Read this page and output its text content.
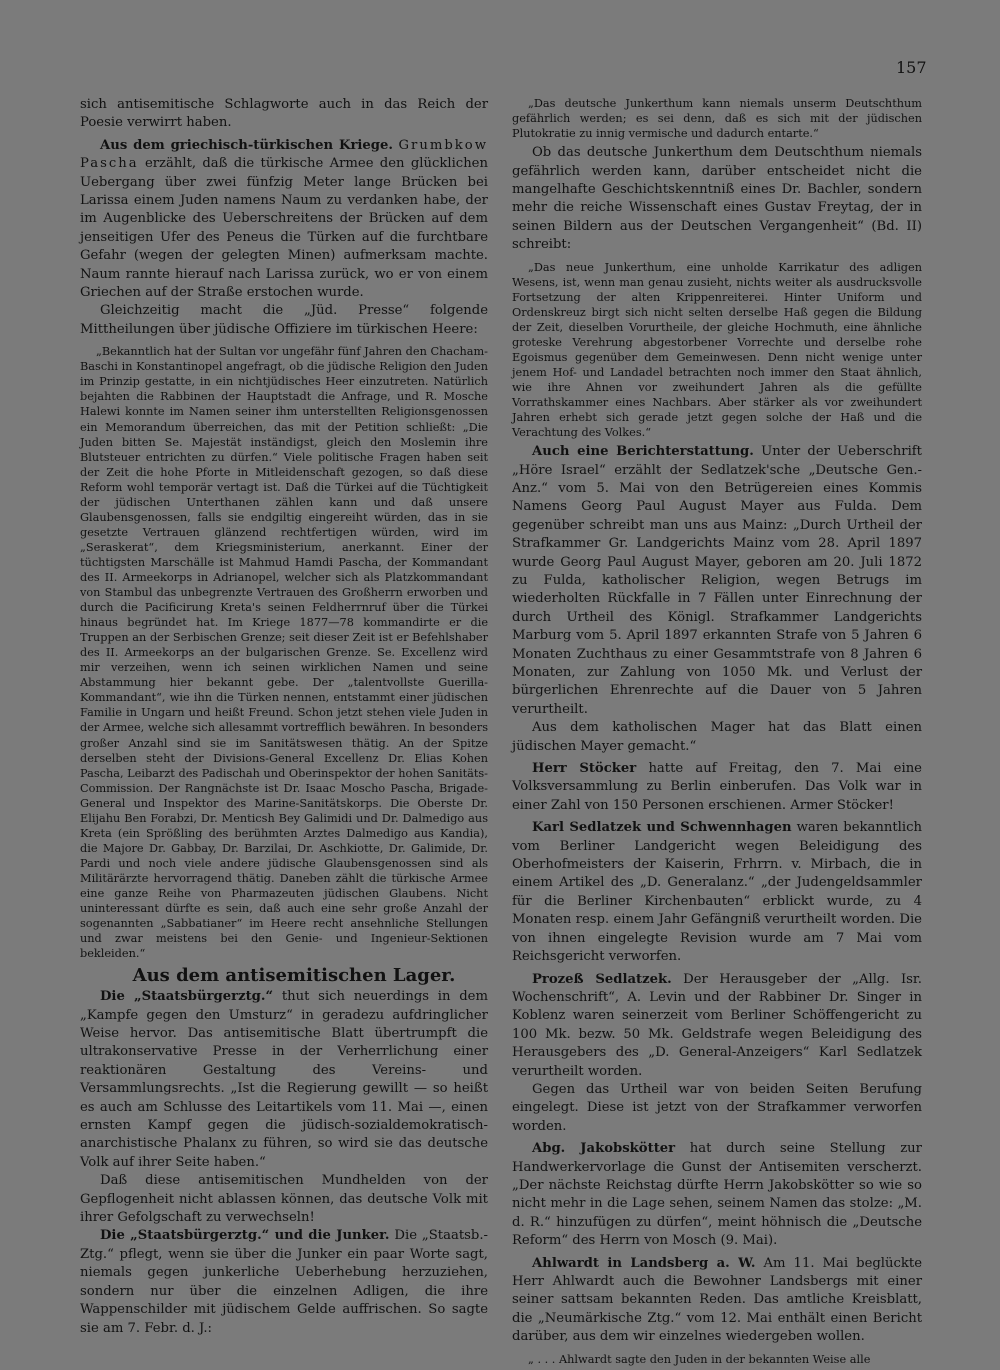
157

sich antisemitische Schlagworte auch in das Reich der Poesie verwirrt haben.

Aus dem griechisch-türkischen Kriege. Grumbkow Pascha erzählt, daß die türkische Armee den glücklichen Uebergang über zwei fünfzig Meter lange Brücken bei Larissa einem Juden namens Naum zu verdanken habe, der im Augenblicke des Ueberschreitens der Brücken auf dem jenseitigen Ufer des Peneus die Türken auf die furchtbare Gefahr (wegen der gelegten Minen) aufmerksam machte. Naum rannte hierauf nach Larissa zurück, wo er von einem Griechen auf der Straße erstochen wurde.

Gleichzeitig macht die „Jüd. Presse“ folgende Mittheilungen über jüdische Offiziere im türkischen Heere:

„Bekanntlich hat der Sultan vor ungefähr fünf Jahren den Chacham-Baschi in Konstantinopel angefragt, ob die jüdische Religion den Juden im Prinzip gestatte, in ein nichtjüdisches Heer einzutreten. Natürlich bejahten die Rabbinen der Hauptstadt die Anfrage, und R. Mosche Halewi konnte im Namen seiner ihm unterstellten Religionsgenossen ein Memorandum überreichen, das mit der Petition schließt: „Die Juden bitten Se. Majestät inständigst, gleich den Moslemin ihre Blutsteuer entrichten zu dürfen.“ Viele politische Fragen haben seit der Zeit die hohe Pforte in Mitleidenschaft gezogen, so daß diese Reform wohl temporär vertagt ist. Daß die Türkei auf die Tüchtigkeit der jüdischen Unterthanen zählen kann und daß unsere Glaubensgenossen, falls sie endgiltig eingereiht würden, das in sie gesetzte Vertrauen glänzend rechtfertigen würden, wird im „Seraskerat“, dem Kriegsministerium, anerkannt. Einer der tüchtigsten Marschälle ist Mahmud Hamdi Pascha, der Kommandant des II. Armeekorps in Adrianopel, welcher sich als Platzkommandant von Stambul das unbegrenzte Vertrauen des Großherrn erworben und durch die Pacificirung Kreta's seinen Feldherrnruf über die Türkei hinaus begründet hat. Im Kriege 1877—78 kommandirte er die Truppen an der Serbischen Grenze; seit dieser Zeit ist er Befehlshaber des II. Armeekorps an der bulgarischen Grenze. Se. Excellenz wird mir verzeihen, wenn ich seinen wirklichen Namen und seine Abstammung hier bekannt gebe. Der „talentvollste Guerilla-Kommandant“, wie ihn die Türken nennen, entstammt einer jüdischen Familie in Ungarn und heißt Freund. Schon jetzt stehen viele Juden in der Armee, welche sich allesammt vortrefflich bewähren. In besonders großer Anzahl sind sie im Sanitätswesen thätig. An der Spitze derselben steht der Divisions-General Excellenz Dr. Elias Kohen Pascha, Leibarzt des Padischah und Oberinspektor der hohen Sanitäts-Commission. Der Rangnächste ist Dr. Isaac Moscho Pascha, Brigade-General und Inspektor des Marine-Sanitätskorps. Die Oberste Dr. Elijahu Ben Forabzi, Dr. Menticsh Bey Galimidi und Dr. Dalmedigo aus Kreta (ein Sprößling des berühmten Arztes Dalmedigo aus Kandia), die Majore Dr. Gabbay, Dr. Barzilai, Dr. Aschkiotte, Dr. Galimide, Dr. Pardi und noch viele andere jüdische Glaubensgenossen sind als Militärärzte hervorragend thätig. Daneben zählt die türkische Armee eine ganze Reihe von Pharmazeuten jüdischen Glaubens. Nicht uninteressant dürfte es sein, daß auch eine sehr große Anzahl der sogenannten „Sabbatianer“ im Heere recht ansehnliche Stellungen und zwar meistens bei den Genie- und Ingenieur-Sektionen bekleiden.“

Aus dem antisemitischen Lager.

Die „Staatsbürgerztg.“ thut sich neuerdings in dem „Kampfe gegen den Umsturz“ in geradezu aufdringlicher Weise hervor. Das antisemitische Blatt übertrumpft die ultrakonservative Presse in der Verherrlichung einer reaktionären Gestaltung des Vereins- und Versammlungsrechts. „Ist die Regierung gewillt — so heißt es auch am Schlusse des Leitartikels vom 11. Mai —, einen ernsten Kampf gegen die jüdisch-sozialdemokratisch-anarchistische Phalanx zu führen, so wird sie das deutsche Volk auf ihrer Seite haben.“

Daß diese antisemitischen Mundhelden von der Gepflogenheit nicht ablassen können, das deutsche Volk mit ihrer Gefolgschaft zu verwechseln!

Die „Staatsbürgerztg.“ und die Junker. Die „Staatsb.-Ztg.“ pflegt, wenn sie über die Junker ein paar Worte sagt, niemals gegen junkerliche Ueberhebung herzuziehen, sondern nur über die einzelnen Adligen, die ihre Wappenschilder mit jüdischem Gelde auffrischen. So sagte sie am 7. Febr. d. J.:

„Das deutsche Junkerthum kann niemals unserm Deutschthum gefährlich werden; es sei denn, daß es sich mit der jüdischen Plutokratie zu innig vermische und dadurch entarte.“

Ob das deutsche Junkerthum dem Deutschthum niemals gefährlich werden kann, darüber entscheidet nicht die mangelhafte Geschichtskenntniß eines Dr. Bachler, sondern mehr die reiche Wissenschaft eines Gustav Freytag, der in seinen Bildern aus der Deutschen Vergangenheit“ (Bd. II) schreibt:

„Das neue Junkerthum, eine unholde Karrikatur des adligen Wesens, ist, wenn man genau zusieht, nichts weiter als ausdrucksvolle Fortsetzung der alten Krippenreiterei. Hinter Uniform und Ordenskreuz birgt sich nicht selten derselbe Haß gegen die Bildung der Zeit, dieselben Vorurtheile, der gleiche Hochmuth, eine ähnliche groteske Verehrung abgestorbener Vorrechte und derselbe rohe Egoismus gegenüber dem Gemeinwesen. Denn nicht wenige unter jenem Hof- und Landadel betrachten noch immer den Staat ähnlich, wie ihre Ahnen vor zweihundert Jahren als die gefüllte Vorrathskammer eines Nachbars. Aber stärker als vor zweihundert Jahren erhebt sich gerade jetzt gegen solche der Haß und die Verachtung des Volkes.“

Auch eine Berichterstattung. Unter der Ueberschrift „Höre Israel“ erzählt der Sedlatzek'sche „Deutsche Gen.-Anz.“ vom 5. Mai von den Betrügereien eines Kommis Namens Georg Paul August Mayer aus Fulda. Dem gegenüber schreibt man uns aus Mainz: „Durch Urtheil der Strafkammer Gr. Landgerichts Mainz vom 28. April 1897 wurde Georg Paul August Mayer, geboren am 20. Juli 1872 zu Fulda, katholischer Religion, wegen Betrugs im wiederholten Rückfalle in 7 Fällen unter Einrechnung der durch Urtheil des Königl. Strafkammer Landgerichts Marburg vom 5. April 1897 erkannten Strafe von 5 Jahren 6 Monaten Zuchthaus zu einer Gesammtstrafe von 8 Jahren 6 Monaten, zur Zahlung von 1050 Mk. und Verlust der bürgerlichen Ehrenrechte auf die Dauer von 5 Jahren verurtheilt.

Aus dem katholischen Mager hat das Blatt einen jüdischen Mayer gemacht.“

Herr Stöcker hatte auf Freitag, den 7. Mai eine Volksversammlung zu Berlin einberufen. Das Volk war in einer Zahl von 150 Personen erschienen. Armer Stöcker!

Karl Sedlatzek und Schwennhagen waren bekanntlich vom Berliner Landgericht wegen Beleidigung des Oberhofmeisters der Kaiserin, Frhrrn. v. Mirbach, die in einem Artikel des „D. Generalanz.“ „der Judengeldsammler für die Berliner Kirchenbauten“ erblickt wurde, zu 4 Monaten resp. einem Jahr Gefängniß verurtheilt worden. Die von ihnen eingelegte Revision wurde am 7 Mai vom Reichsgericht verworfen.

Prozeß Sedlatzek. Der Herausgeber der „Allg. Isr. Wochenschrift“, A. Levin und der Rabbiner Dr. Singer in Koblenz waren seinerzeit vom Berliner Schöffengericht zu 100 Mk. bezw. 50 Mk. Geldstrafe wegen Beleidigung des Herausgebers des „D. General-Anzeigers“ Karl Sedlatzek verurtheilt worden.

Gegen das Urtheil war von beiden Seiten Berufung eingelegt. Diese ist jetzt von der Strafkammer verworfen worden.

Abg. Jakobskötter hat durch seine Stellung zur Handwerkervorlage die Gunst der Antisemiten verscherzt. „Der nächste Reichstag dürfte Herrn Jakobskötter so wie so nicht mehr in die Lage sehen, seinem Namen das stolze: „M. d. R.“ hinzufügen zu dürfen“, meint höhnisch die „Deutsche Reform“ des Herrn von Mosch (9. Mai).

Ahlwardt in Landsberg a. W. Am 11. Mai beglückte Herr Ahlwardt auch die Bewohner Landsbergs mit einer seiner sattsam bekannten Reden. Das amtliche Kreisblatt, die „Neumärkische Ztg.“ vom 12. Mai enthält einen Bericht darüber, aus dem wir einzelnes wiedergeben wollen.

„ . . . Ahlwardt sagte den Juden in der bekannten Weise alle
